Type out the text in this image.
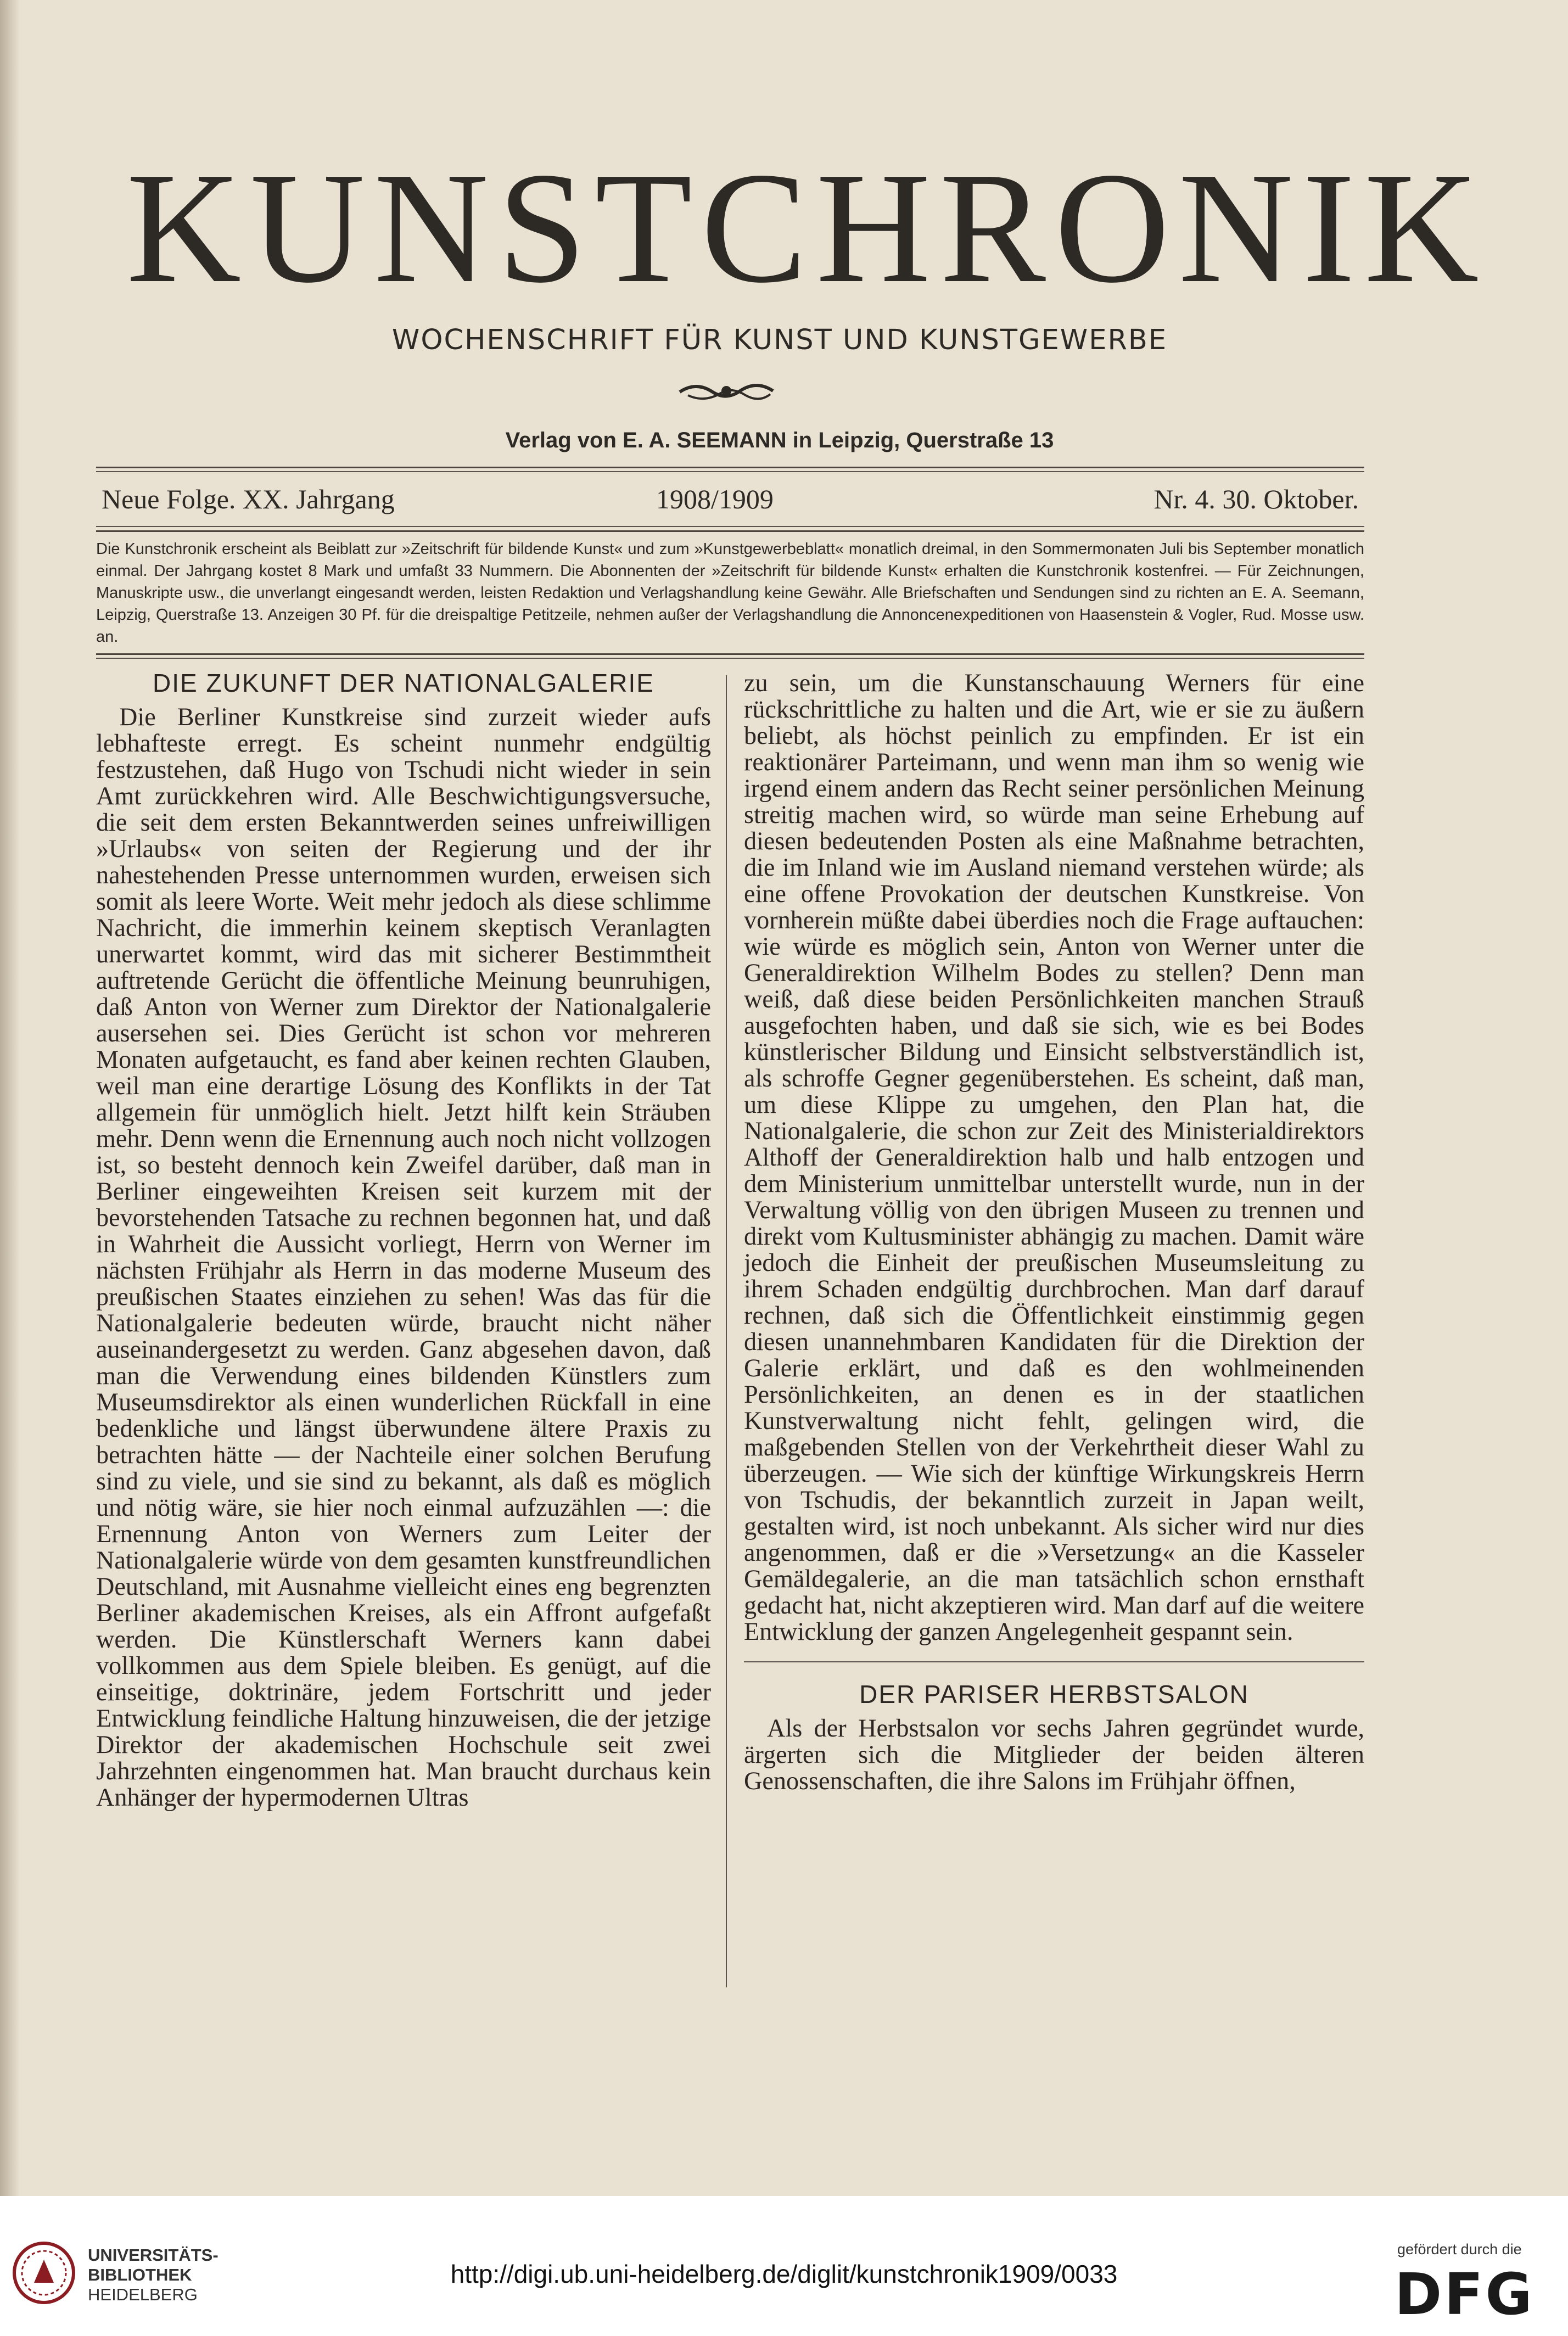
KUNSTCHRONIK
WOCHENSCHRIFT FÜR KUNST UND KUNSTGEWERBE
Verlag von E. A. SEEMANN in Leipzig, Querstraße 13
Neue Folge. XX. Jahrgang	1908/1909	Nr. 4. 30. Oktober.
Die Kunstchronik erscheint als Beiblatt zur »Zeitschrift für bildende Kunst« und zum »Kunstgewerbeblatt« monatlich dreimal, in den Sommermonaten Juli bis September monatlich einmal. Der Jahrgang kostet 8 Mark und umfaßt 33 Nummern. Die Abonnenten der »Zeitschrift für bildende Kunst« erhalten die Kunstchronik kostenfrei. — Für Zeichnungen, Manuskripte usw., die unverlangt eingesandt werden, leisten Redaktion und Verlagshandlung keine Gewähr. Alle Briefschaften und Sendungen sind zu richten an E. A. Seemann, Leipzig, Querstraße 13. Anzeigen 30 Pf. für die dreispaltige Petitzeile, nehmen außer der Verlagshandlung die Annoncenexpeditionen von Haasenstein & Vogler, Rud. Mosse usw. an.
DIE ZUKUNFT DER NATIONALGALERIE

Die Berliner Kunstkreise sind zurzeit wieder aufs lebhafteste erregt. Es scheint nunmehr endgültig festzustehen, daß Hugo von Tschudi nicht wieder in sein Amt zurückkehren wird. Alle Beschwichtigungsversuche, die seit dem ersten Bekanntwerden seines unfreiwilligen »Urlaubs« von seiten der Regierung und der ihr nahestehenden Presse unternommen wurden, erweisen sich somit als leere Worte. Weit mehr jedoch als diese schlimme Nachricht, die immerhin keinem skeptisch Veranlagten unerwartet kommt, wird das mit sicherer Bestimmtheit auftretende Gerücht die öffentliche Meinung beunruhigen, daß Anton von Werner zum Direktor der Nationalgalerie ausersehen sei. Dies Gerücht ist schon vor mehreren Monaten aufgetaucht, es fand aber keinen rechten Glauben, weil man eine derartige Lösung des Konflikts in der Tat allgemein für unmöglich hielt. Jetzt hilft kein Sträuben mehr. Denn wenn die Ernennung auch noch nicht vollzogen ist, so besteht dennoch kein Zweifel darüber, daß man in Berliner eingeweihten Kreisen seit kurzem mit der bevorstehenden Tatsache zu rechnen begonnen hat, und daß in Wahrheit die Aussicht vorliegt, Herrn von Werner im nächsten Frühjahr als Herrn in das moderne Museum des preußischen Staates einziehen zu sehen! Was das für die Nationalgalerie bedeuten würde, braucht nicht näher auseinandergesetzt zu werden. Ganz abgesehen davon, daß man die Verwendung eines bildenden Künstlers zum Museumsdirektor als einen wunderlichen Rückfall in eine bedenkliche und längst überwundene ältere Praxis zu betrachten hätte — der Nachteile einer solchen Berufung sind zu viele, und sie sind zu bekannt, als daß es möglich und nötig wäre, sie hier noch einmal aufzuzählen —: die Ernennung Anton von Werners zum Leiter der Nationalgalerie würde von dem gesamten kunstfreundlichen Deutschland, mit Ausnahme vielleicht eines eng begrenzten Berliner akademischen Kreises, als ein Affront aufgefaßt werden. Die Künstlerschaft Werners kann dabei vollkommen aus dem Spiele bleiben. Es genügt, auf die einseitige, doktrinäre, jedem Fortschritt und jeder Entwicklung feindliche Haltung hinzuweisen, die der jetzige Direktor der akademischen Hochschule seit zwei Jahrzehnten eingenommen hat. Man braucht durchaus kein Anhänger der hypermodernen Ultras

zu sein, um die Kunstanschauung Werners für eine rückschrittliche zu halten und die Art, wie er sie zu äußern beliebt, als höchst peinlich zu empfinden. Er ist ein reaktionärer Parteimann, und wenn man ihm so wenig wie irgend einem andern das Recht seiner persönlichen Meinung streitig machen wird, so würde man seine Erhebung auf diesen bedeutenden Posten als eine Maßnahme betrachten, die im Inland wie im Ausland niemand verstehen würde; als eine offene Provokation der deutschen Kunstkreise. Von vornherein müßte dabei überdies noch die Frage auftauchen: wie würde es möglich sein, Anton von Werner unter die Generaldirektion Wilhelm Bodes zu stellen? Denn man weiß, daß diese beiden Persönlichkeiten manchen Strauß ausgefochten haben, und daß sie sich, wie es bei Bodes künstlerischer Bildung und Einsicht selbstverständlich ist, als schroffe Gegner gegenüberstehen. Es scheint, daß man, um diese Klippe zu umgehen, den Plan hat, die Nationalgalerie, die schon zur Zeit des Ministerialdirektors Althoff der Generaldirektion halb und halb entzogen und dem Ministerium unmittelbar unterstellt wurde, nun in der Verwaltung völlig von den übrigen Museen zu trennen und direkt vom Kultusminister abhängig zu machen. Damit wäre jedoch die Einheit der preußischen Museumsleitung zu ihrem Schaden endgültig durchbrochen. Man darf darauf rechnen, daß sich die Öffentlichkeit einstimmig gegen diesen unannehmbaren Kandidaten für die Direktion der Galerie erklärt, und daß es den wohlmeinenden Persönlichkeiten, an denen es in der staatlichen Kunstverwaltung nicht fehlt, gelingen wird, die maßgebenden Stellen von der Verkehrtheit dieser Wahl zu überzeugen. — Wie sich der künftige Wirkungskreis Herrn von Tschudis, der bekanntlich zurzeit in Japan weilt, gestalten wird, ist noch unbekannt. Als sicher wird nur dies angenommen, daß er die »Versetzung« an die Kasseler Gemäldegalerie, an die man tatsächlich schon ernsthaft gedacht hat, nicht akzeptieren wird. Man darf auf die weitere Entwicklung der ganzen Angelegenheit gespannt sein.

DER PARISER HERBSTSALON

Als der Herbstsalon vor sechs Jahren gegründet wurde, ärgerten sich die Mitglieder der beiden älteren Genossenschaften, die ihre Salons im Frühjahr öffnen,

UNIVERSITÄTS-
BIBLIOTHEK
HEIDELBERG
http://digi.ub.uni-heidelberg.de/diglit/kunstchronik1909/0033
gefördert durch die
DFG
